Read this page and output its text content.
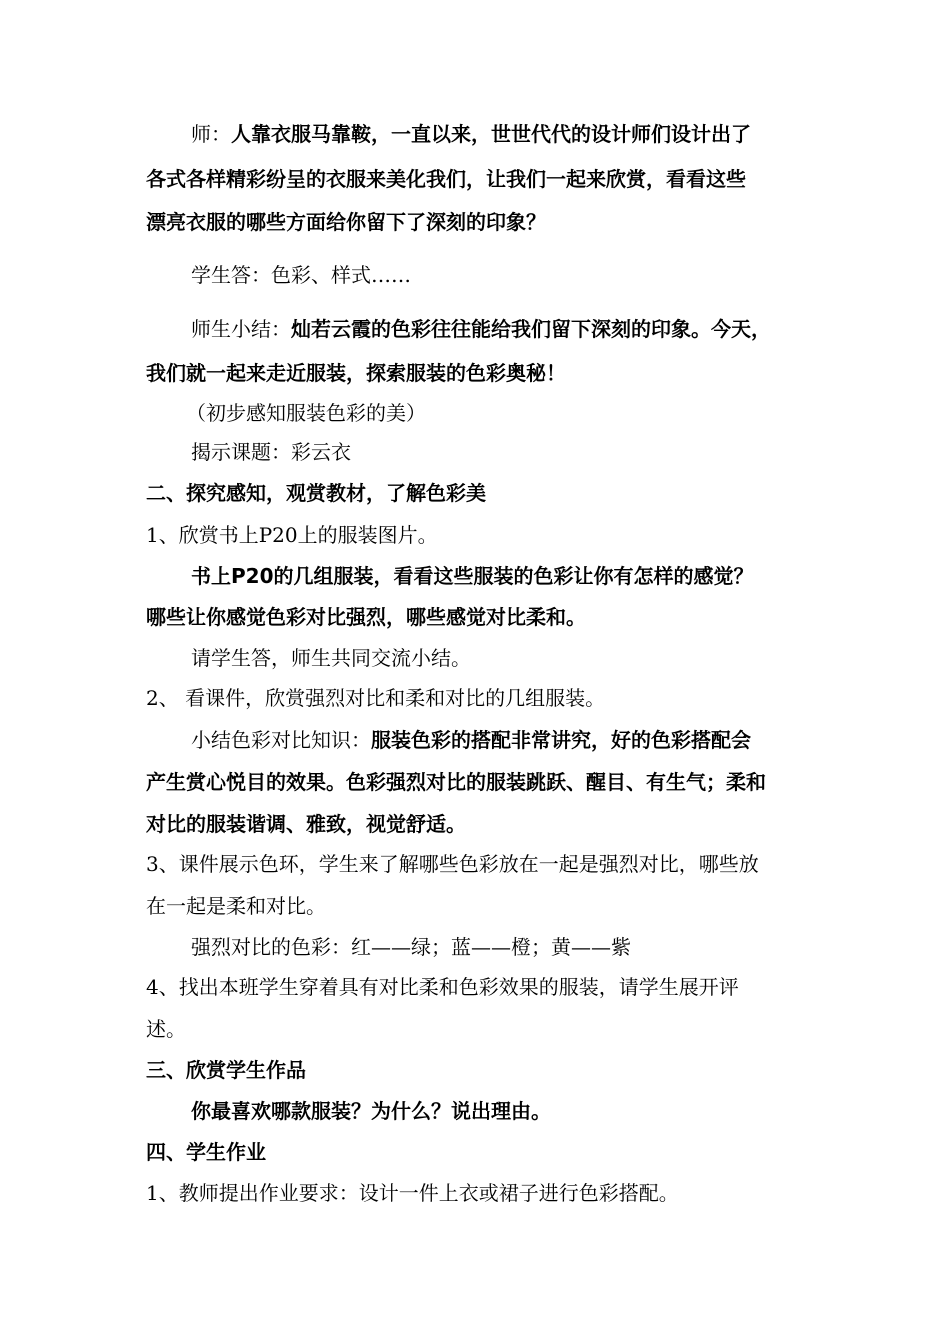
师：人靠衣服马靠鞍，一直以来，世世代代的设计师们设计出了
各式各样精彩纷呈的衣服来美化我们，让我们一起来欣赏，看看这些
漂亮衣服的哪些方面给你留下了深刻的印象？
学生答：色彩、样式……
师生小结：灿若云霞的色彩往往能给我们留下深刻的印象。今天，
我们就一起来走近服装，探索服装的色彩奥秘！
（初步感知服装色彩的美）
揭示课题：彩云衣
二、探究感知，观赏教材，了解色彩美
1、欣赏书上P20上的服装图片。
书上P20的几组服装，看看这些服装的色彩让你有怎样的感觉？
哪些让你感觉色彩对比强烈，哪些感觉对比柔和。
请学生答，师生共同交流小结。
2、 看课件，欣赏强烈对比和柔和对比的几组服装。
小结色彩对比知识：服装色彩的搭配非常讲究，好的色彩搭配会
产生赏心悦目的效果。色彩强烈对比的服装跳跃、醒目、有生气；柔和
对比的服装谐调、雅致，视觉舒适。
3、课件展示色环，学生来了解哪些色彩放在一起是强烈对比，哪些放
在一起是柔和对比。
强烈对比的色彩：红——绿；蓝——橙；黄——紫
4、找出本班学生穿着具有对比柔和色彩效果的服装，请学生展开评
述。
三、欣赏学生作品
你最喜欢哪款服装？为什么？说出理由。
四、学生作业
1、教师提出作业要求：设计一件上衣或裙子进行色彩搭配。
